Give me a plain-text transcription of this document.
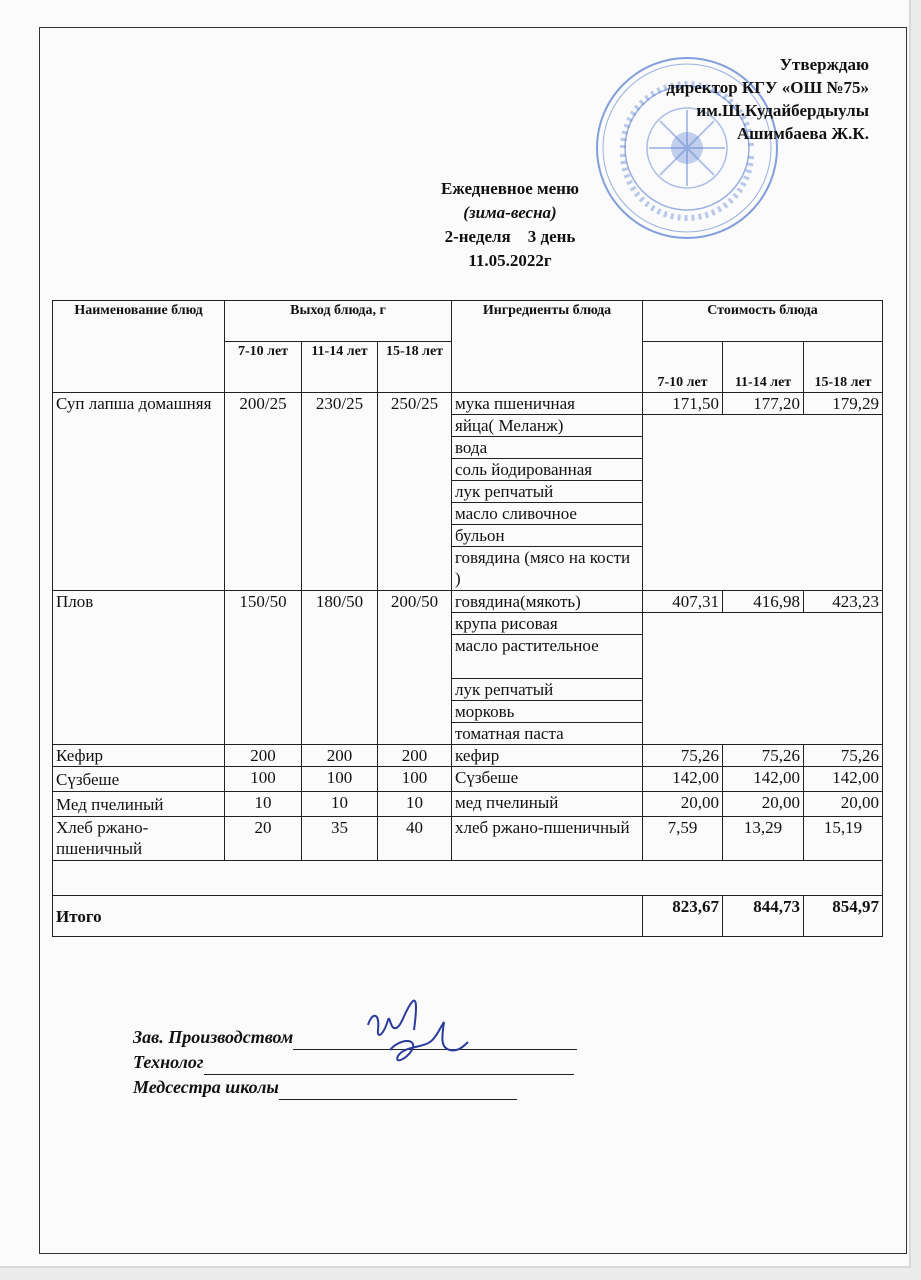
Утверждаю
директор КГУ «ОШ №75»
им.Ш.Кудайбердыулы
Ашимбаева Ж.К.
Ежедневное меню
(зима-весна)
2-неделя    3 день
11.05.2022г
Наименование блюд	Выход блюда, г			Ингредиенты блюда	Стоимость блюда		
	7-10 лет	11-14 лет	15-18 лет		7-10 лет	11-14 лет	15-18 лет
Суп лапша домашняя	200/25	230/25	250/25	мука пшеничная	171,50	177,20	179,29
				яйца( Меланж)			
				вода			
				соль йодированная			
				лук репчатый			
				масло сливочное			
				бульон			
				говядина (мясо на кости )			
Плов	150/50	180/50	200/50	говядина(мякоть)	407,31	416,98	423,23
				крупа рисовая			
				масло растительное			
				лук репчатый			
				морковь			
				томатная паста			
Кефир	200	200	200	кефир	75,26	75,26	75,26
Сүзбеше	100	100	100	Сүзбеше	142,00	142,00	142,00
Мед пчелиный	10	10	10	мед пчелиный	20,00	20,00	20,00
Хлеб ржано-пшеничный	20	35	40	хлеб ржано-пшеничный	7,59	13,29	15,19

Итого					823,67	844,73	854,97
Зав. Производством
Технолог
Медсестра школы
